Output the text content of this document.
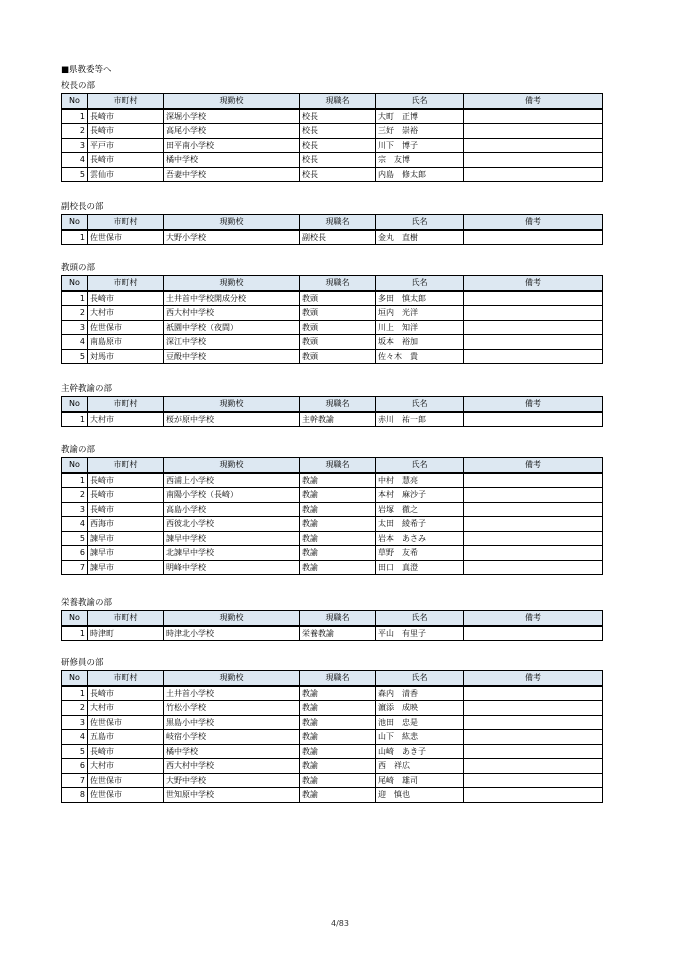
■県教委等へ
校長の部
No	市町村	現勤校	現職名	氏名	備考
1	長崎市	深堀小学校	校長	大町　正博	
2	長崎市	高尾小学校	校長	三好　崇裕	
3	平戸市	田平南小学校	校長	川下　博子	
4	長崎市	橘中学校	校長	宗　友博	
5	雲仙市	吾妻中学校	校長	内島　修太郎	
副校長の部
No	市町村	現勤校	現職名	氏名	備考
1	佐世保市	大野小学校	副校長	金丸　直樹	
教頭の部
No	市町村	現勤校	現職名	氏名	備考
1	長崎市	土井首中学校開成分校	教頭	多田　慎太郎	
2	大村市	西大村中学校	教頭	垣内　光洋	
3	佐世保市	祇園中学校（夜間）	教頭	川上　知洋	
4	南島原市	深江中学校	教頭	坂本　裕加	
5	対馬市	豆酘中学校	教頭	佐々木　貴	
主幹教諭の部
No	市町村	現勤校	現職名	氏名	備考
1	大村市	桜が原中学校	主幹教諭	赤川　祐一郎	
教諭の部
No	市町村	現勤校	現職名	氏名	備考
1	長崎市	西浦上小学校	教諭	中村　慧亮	
2	長崎市	南陽小学校（長崎）	教諭	本村　麻沙子	
3	長崎市	高島小学校	教諭	岩塚　徹之	
4	西海市	西彼北小学校	教諭	太田　綾希子	
5	諫早市	諫早中学校	教諭	岩本　あさみ	
6	諫早市	北諫早中学校	教諭	草野　友希	
7	諫早市	明峰中学校	教諭	田口　真澄	
栄養教諭の部
No	市町村	現勤校	現職名	氏名	備考
1	時津町	時津北小学校	栄養教諭	平山　有里子	
研修員の部
No	市町村	現勤校	現職名	氏名	備考
1	長崎市	土井首小学校	教諭	森内　清香	
2	大村市	竹松小学校	教諭	濵添　成映	
3	佐世保市	黒島小中学校	教諭	池田　忠是	
4	五島市	岐宿小学校	教諭	山下　紘悲	
5	長崎市	橘中学校	教諭	山崎　あき子	
6	大村市	西大村中学校	教諭	西　祥広	
7	佐世保市	大野中学校	教諭	尾崎　雄司	
8	佐世保市	世知原中学校	教諭	迎　慎也	
4/83
